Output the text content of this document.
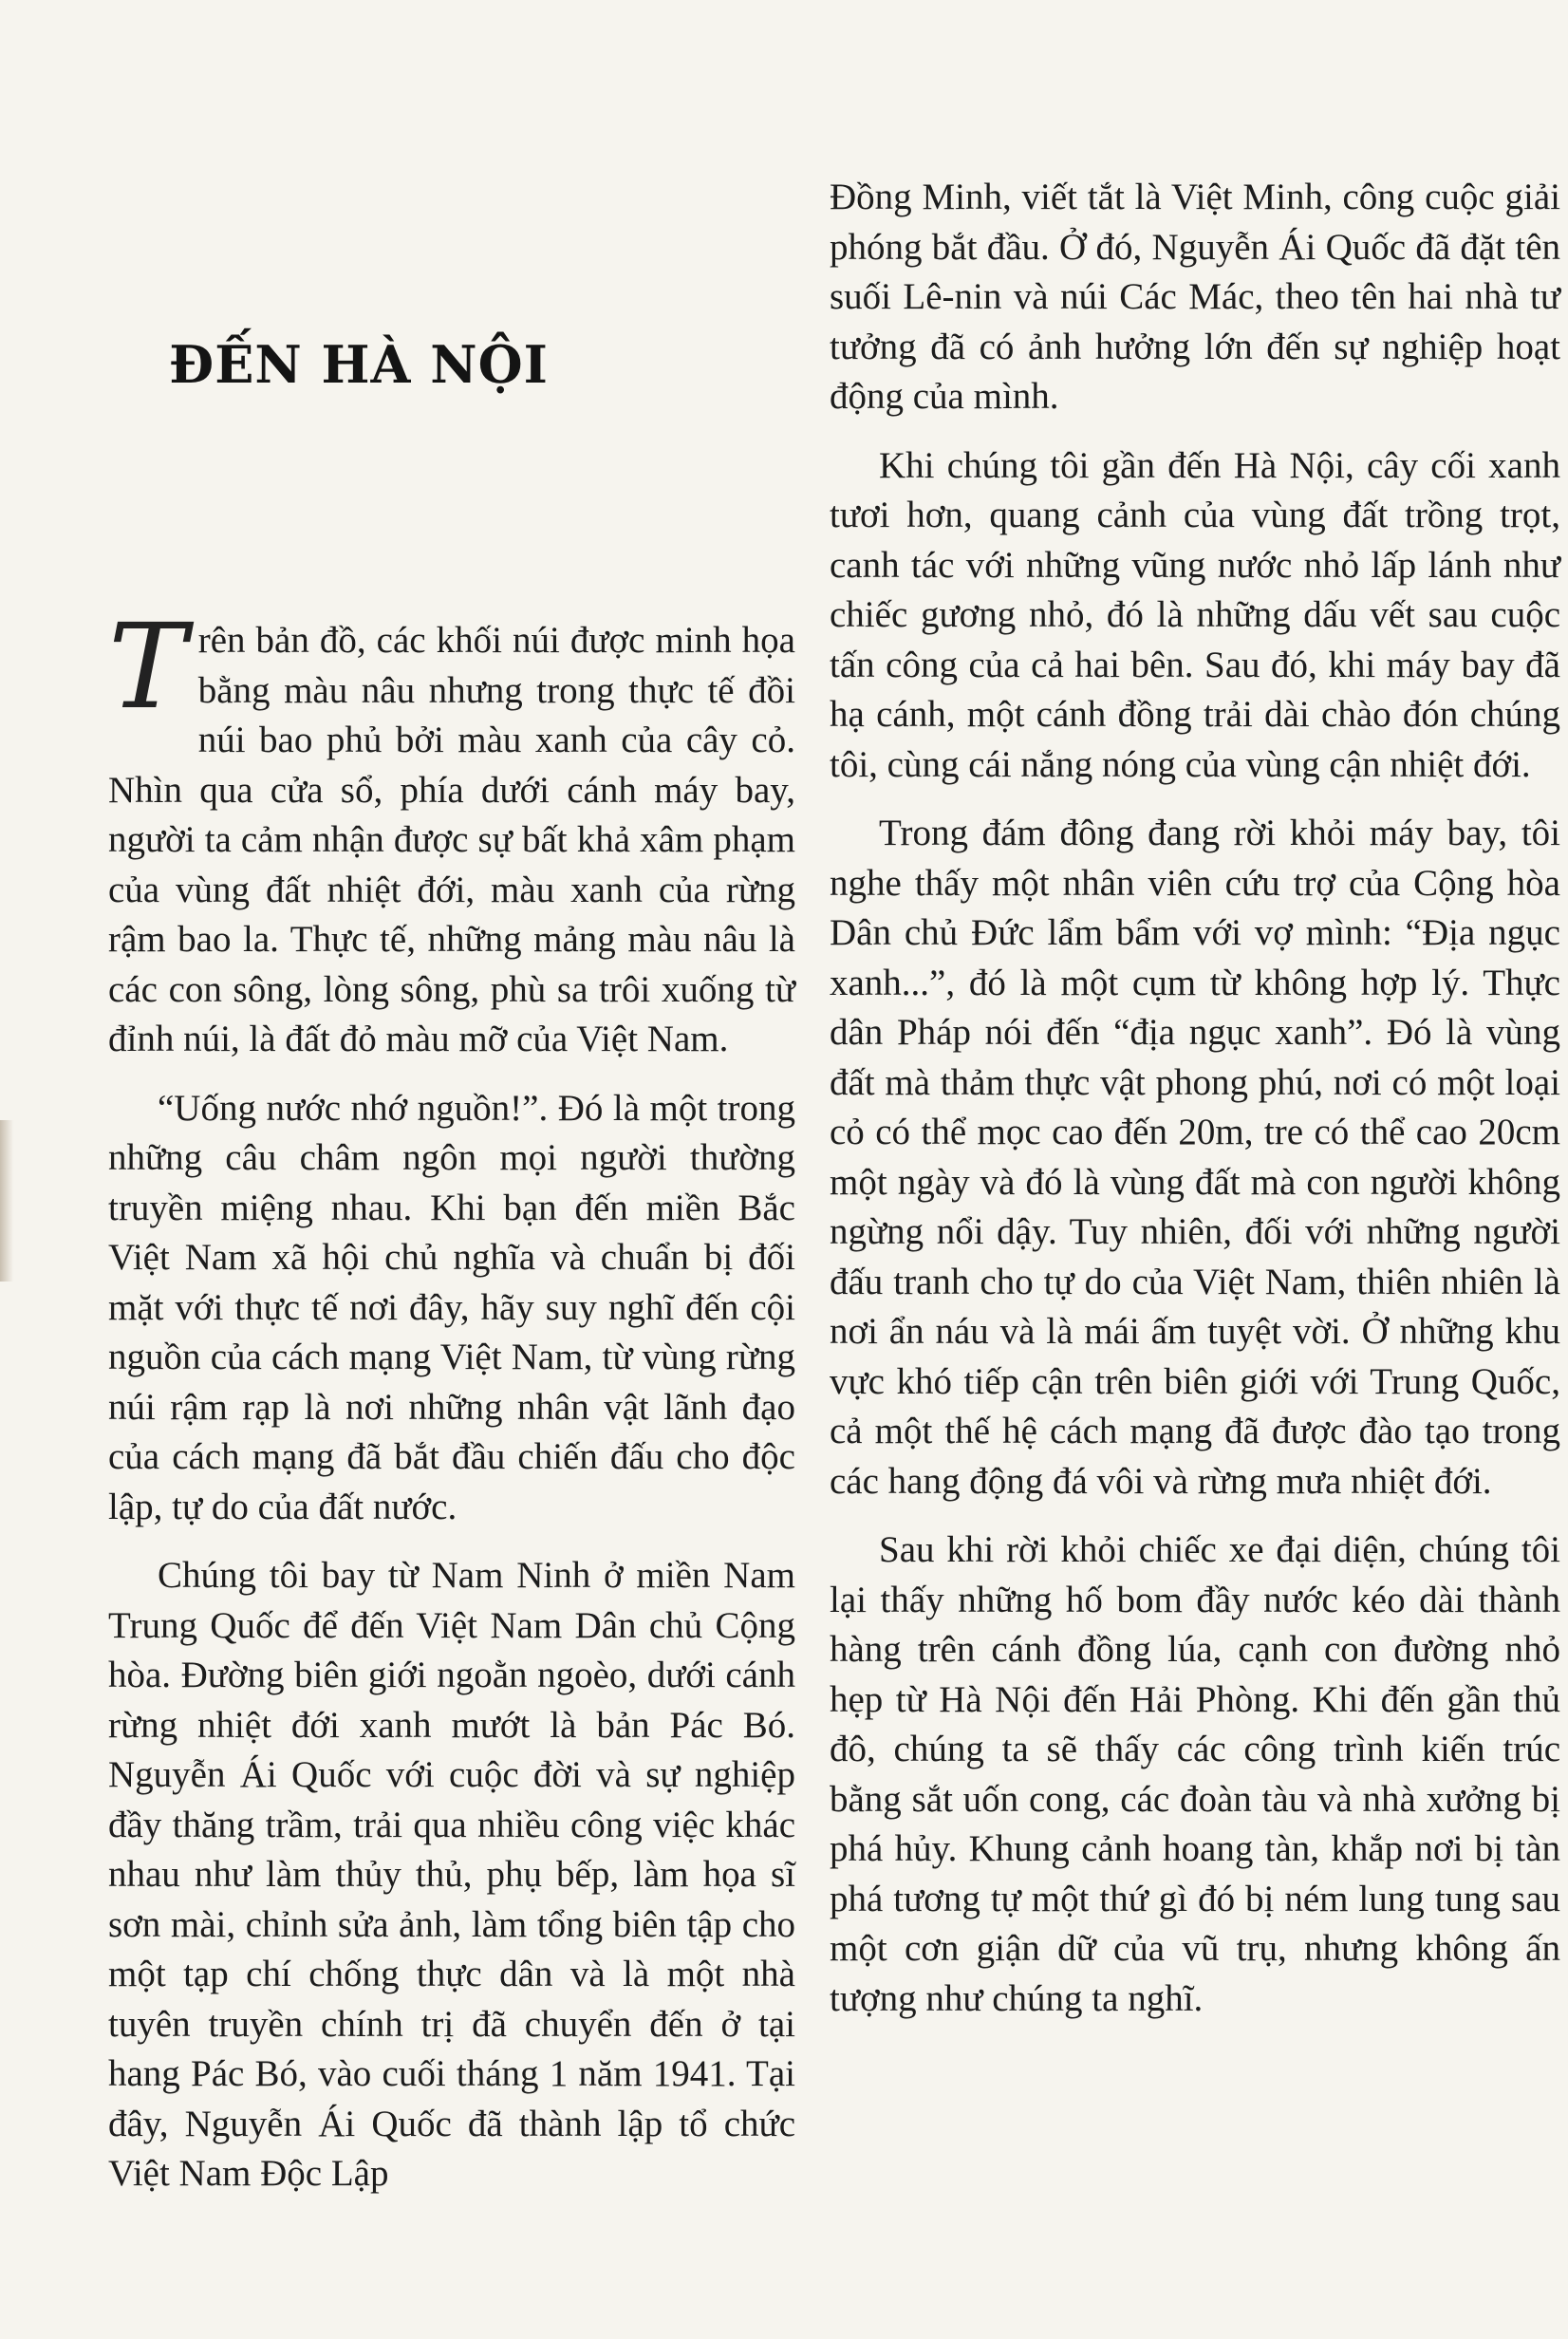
ĐẾN HÀ NỘI

Trên bản đồ, các khối núi được minh họa bằng màu nâu nhưng trong thực tế đồi núi bao phủ bởi màu xanh của cây cỏ. Nhìn qua cửa sổ, phía dưới cánh máy bay, người ta cảm nhận được sự bất khả xâm phạm của vùng đất nhiệt đới, màu xanh của rừng rậm bao la. Thực tế, những mảng màu nâu là các con sông, lòng sông, phù sa trôi xuống từ đỉnh núi, là đất đỏ màu mỡ của Việt Nam.

“Uống nước nhớ nguồn!”. Đó là một trong những câu châm ngôn mọi người thường truyền miệng nhau. Khi bạn đến miền Bắc Việt Nam xã hội chủ nghĩa và chuẩn bị đối mặt với thực tế nơi đây, hãy suy nghĩ đến cội nguồn của cách mạng Việt Nam, từ vùng rừng núi rậm rạp là nơi những nhân vật lãnh đạo của cách mạng đã bắt đầu chiến đấu cho độc lập, tự do của đất nước.

Chúng tôi bay từ Nam Ninh ở miền Nam Trung Quốc để đến Việt Nam Dân chủ Cộng hòa. Đường biên giới ngoằn ngoèo, dưới cánh rừng nhiệt đới xanh mướt là bản Pác Bó. Nguyễn Ái Quốc với cuộc đời và sự nghiệp đầy thăng trầm, trải qua nhiều công việc khác nhau như làm thủy thủ, phụ bếp, làm họa sĩ sơn mài, chỉnh sửa ảnh, làm tổng biên tập cho một tạp chí chống thực dân và là một nhà tuyên truyền chính trị đã chuyển đến ở tại hang Pác Bó, vào cuối tháng 1 năm 1941. Tại đây, Nguyễn Ái Quốc đã thành lập tổ chức Việt Nam Độc Lập

Đồng Minh, viết tắt là Việt Minh, công cuộc giải phóng bắt đầu. Ở đó, Nguyễn Ái Quốc đã đặt tên suối Lê-nin và núi Các Mác, theo tên hai nhà tư tưởng đã có ảnh hưởng lớn đến sự nghiệp hoạt động của mình.

Khi chúng tôi gần đến Hà Nội, cây cối xanh tươi hơn, quang cảnh của vùng đất trồng trọt, canh tác với những vũng nước nhỏ lấp lánh như chiếc gương nhỏ, đó là những dấu vết sau cuộc tấn công của cả hai bên. Sau đó, khi máy bay đã hạ cánh, một cánh đồng trải dài chào đón chúng tôi, cùng cái nắng nóng của vùng cận nhiệt đới.

Trong đám đông đang rời khỏi máy bay, tôi nghe thấy một nhân viên cứu trợ của Cộng hòa Dân chủ Đức lẩm bẩm với vợ mình: “Địa ngục xanh...”, đó là một cụm từ không hợp lý. Thực dân Pháp nói đến “địa ngục xanh”. Đó là vùng đất mà thảm thực vật phong phú, nơi có một loại cỏ có thể mọc cao đến 20m, tre có thể cao 20cm một ngày và đó là vùng đất mà con người không ngừng nổi dậy. Tuy nhiên, đối với những người đấu tranh cho tự do của Việt Nam, thiên nhiên là nơi ẩn náu và là mái ấm tuyệt vời. Ở những khu vực khó tiếp cận trên biên giới với Trung Quốc, cả một thế hệ cách mạng đã được đào tạo trong các hang động đá vôi và rừng mưa nhiệt đới.

Sau khi rời khỏi chiếc xe đại diện, chúng tôi lại thấy những hố bom đầy nước kéo dài thành hàng trên cánh đồng lúa, cạnh con đường nhỏ hẹp từ Hà Nội đến Hải Phòng. Khi đến gần thủ đô, chúng ta sẽ thấy các công trình kiến trúc bằng sắt uốn cong, các đoàn tàu và nhà xưởng bị phá hủy. Khung cảnh hoang tàn, khắp nơi bị tàn phá tương tự một thứ gì đó bị ném lung tung sau một cơn giận dữ của vũ trụ, nhưng không ấn tượng như chúng ta nghĩ.
